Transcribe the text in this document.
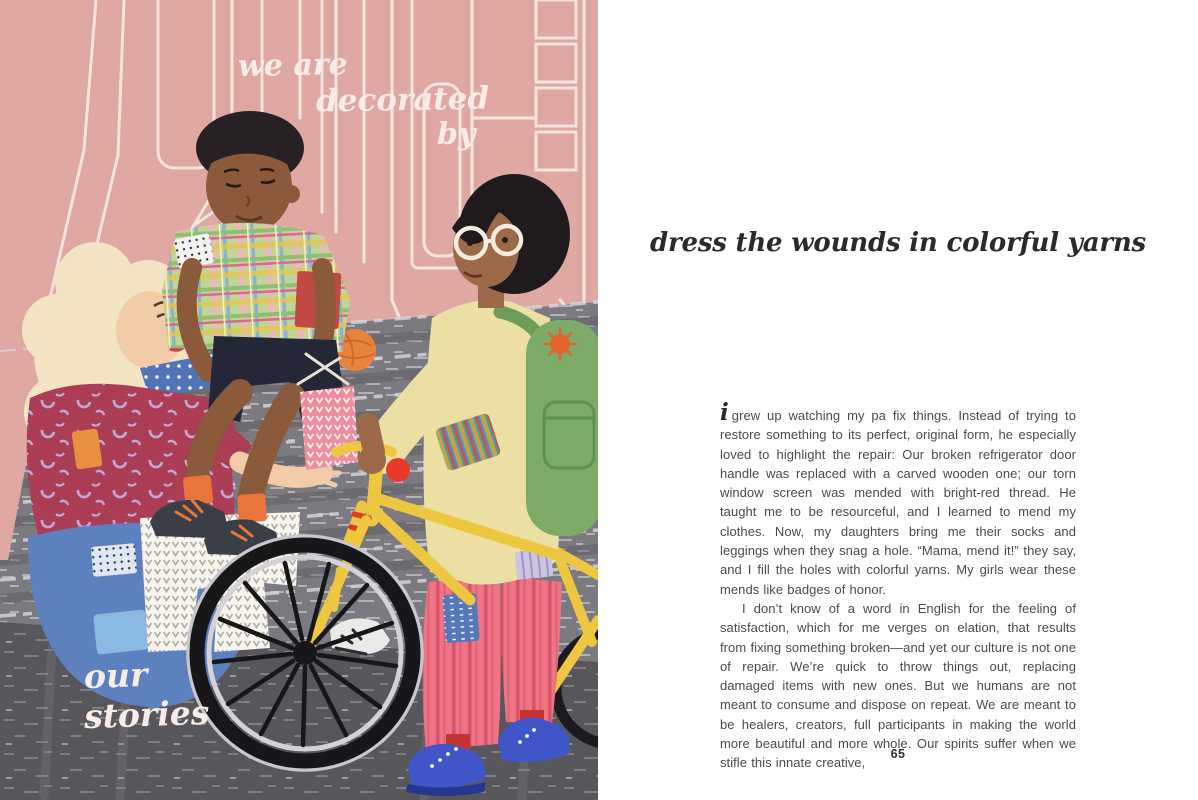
we are
decorated
by
our
stories
dress the wounds in colorful yarns

igrew up watching my pa fix things. Instead of trying to restore something to its perfect, original form, he especially loved to highlight the repair: Our broken refrigerator door handle was replaced with a carved wooden one; our torn window screen was mended with bright-red thread. He taught me to be resourceful, and I learned to mend my clothes. Now, my daughters bring me their socks and leggings when they snag a hole. “Mama, mend it!” they say, and I fill the holes with colorful yarns. My girls wear these mends like badges of honor.

I don’t know of a word in English for the feeling of satisfaction, which for me verges on elation, that results from fixing something broken—and yet our culture is not one of repair. We’re quick to throw things out, replacing damaged items with new ones. But we humans are not meant to consume and dispose on repeat. We are meant to be healers, creators, full participants in making the world more beautiful and more whole. Our spirits suffer when we stifle this innate creative,

65
